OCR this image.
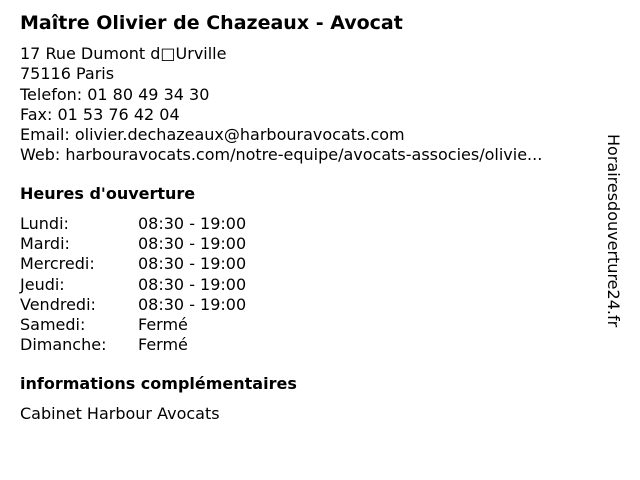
Maître Olivier de Chazeaux - Avocat
17 Rue Dumont d□Urville
75116 Paris
Telefon: 01 80 49 34 30
Fax: 01 53 76 42 04
Email: olivier.dechazeaux@harbouravocats.com
Web: harbouravocats.com/notre-equipe/avocats-associes/olivie...
Heures d'ouverture
Lundi:	08:30 - 19:00
Mardi:	08:30 - 19:00
Mercredi:	08:30 - 19:00
Jeudi:	08:30 - 19:00
Vendredi:	08:30 - 19:00
Samedi:	Fermé
Dimanche:	Fermé
informations complémentaires
Cabinet Harbour Avocats
Horairesdouverture24.fr
